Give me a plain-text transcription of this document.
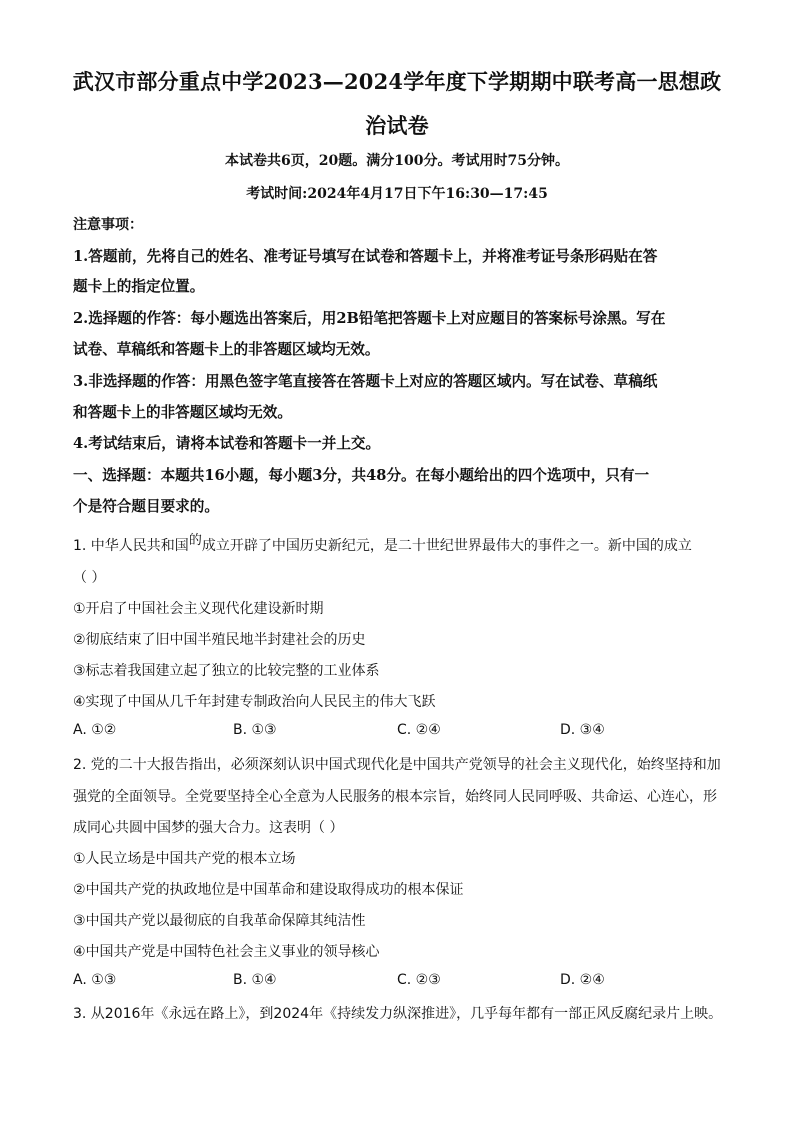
武汉市部分重点中学2023—2024学年度下学期期中联考高一思想政
治试卷
本试卷共6页，20题。满分100分。考试用时75分钟。
考试时间:2024年4月17日下午16:30—17:45
注意事项：
1.答题前，先将自己的姓名、准考证号填写在试卷和答题卡上，并将准考证号条形码贴在答
题卡上的指定位置。
2.选择题的作答：每小题选出答案后，用2B铅笔把答题卡上对应题目的答案标号涂黑。写在
试卷、草稿纸和答题卡上的非答题区域均无效。
3.非选择题的作答：用黑色签字笔直接答在答题卡上对应的答题区域内。写在试卷、草稿纸
和答题卡上的非答题区域均无效。
4.考试结束后，请将本试卷和答题卡一并上交。
一、选择题：本题共16小题，每小题3分，共48分。在每小题给出的四个选项中，只有一
个是符合题目要求的。
1. 中华人民共和国的成立开辟了中国历史新纪元，是二十世纪世界最伟大的事件之一。新中国的成立
（ ）
①开启了中国社会主义现代化建设新时期
②彻底结束了旧中国半殖民地半封建社会的历史
③标志着我国建立起了独立的比较完整的工业体系
④实现了中国从几千年封建专制政治向人民民主的伟大飞跃
A. ①②	B. ①③	C. ②④	D. ③④
2. 党的二十大报告指出，必须深刻认识中国式现代化是中国共产党领导的社会主义现代化，始终坚持和加
强党的全面领导。全党要坚持全心全意为人民服务的根本宗旨，始终同人民同呼吸、共命运、心连心，形
成同心共圆中国梦的强大合力。这表明（ ）
①人民立场是中国共产党的根本立场
②中国共产党的执政地位是中国革命和建设取得成功的根本保证
③中国共产党以最彻底的自我革命保障其纯洁性
④中国共产党是中国特色社会主义事业的领导核心
A. ①③	B. ①④	C. ②③	D. ②④
3. 从2016年《永远在路上》，到2024年《持续发力纵深推进》，几乎每年都有一部正风反腐纪录片上映。
